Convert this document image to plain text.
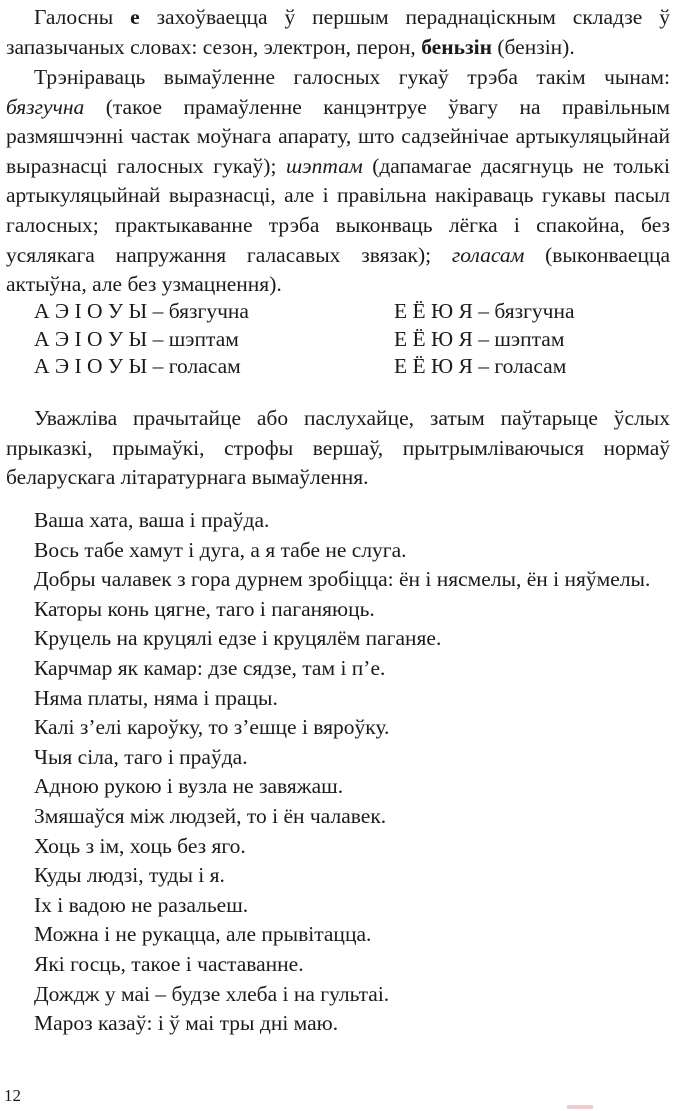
Галосны е захоўваецца ў першым пераднаціскным складзе ў запазычаных словах: сезон, электрон, перон, беньзін (бензін).

Трэніраваць вымаўленне галосных гукаў трэба такім чынам: бязгучна (такое прамаўленне канцэнтруе ўвагу на правільным размяшчэнні частак моўнага апарату, што садзейнічае артыкуляцыйнай выразнасці галосных гукаў); шэптам (дапамагае дасягнуць не толькі артыкуляцыйнай выразнасці, але і правільна накіраваць гукавы пасыл галосных; практыкаванне трэба выконваць лёгка і спакойна, без усялякага напружання галасавых звязак); голасам (выконваецца актыўна, але без узмацнення).

А Э І О У Ы – бязгучна	Е Ё Ю Я – бязгучна
А Э І О У Ы – шэптам	Е Ё Ю Я – шэптам
А Э І О У Ы – голасам	Е Ё Ю Я – голасам

Уважліва прачытайце або паслухайце, затым паўтарыце ўслых прыказкі, прымаўкі, строфы вершаў, прытрымліваючыся нормаў беларускага літаратурнага вымаўлення.

Ваша хата, ваша і праўда.

Вось табе хамут і дуга, а я табе не слуга.

Добры чалавек з гора дурнем зробіцца: ён і нясмелы, ён і няўмелы.

Каторы конь цягне, таго і паганяюць.

Круцель на круцялі едзе і круцялём паганяе.

Карчмар як камар: дзе сядзе, там і п’е.

Няма платы, няма і працы.

Калі з’елі кароўку, то з’ешце і вяроўку.

Чыя сіла, таго і праўда.

Адною рукою і вузла не завяжаш.

Змяшаўся між людзей, то і ён чалавек.

Хоць з ім, хоць без яго.

Куды людзі, туды і я.

Іх і вадою не разальеш.

Можна і не рукацца, але прывітацца.

Які госць, такое і частаванне.

Дождж у маі – будзе хлеба і на гультаі.

Мароз казаў: і ў маі тры дні маю.

12
